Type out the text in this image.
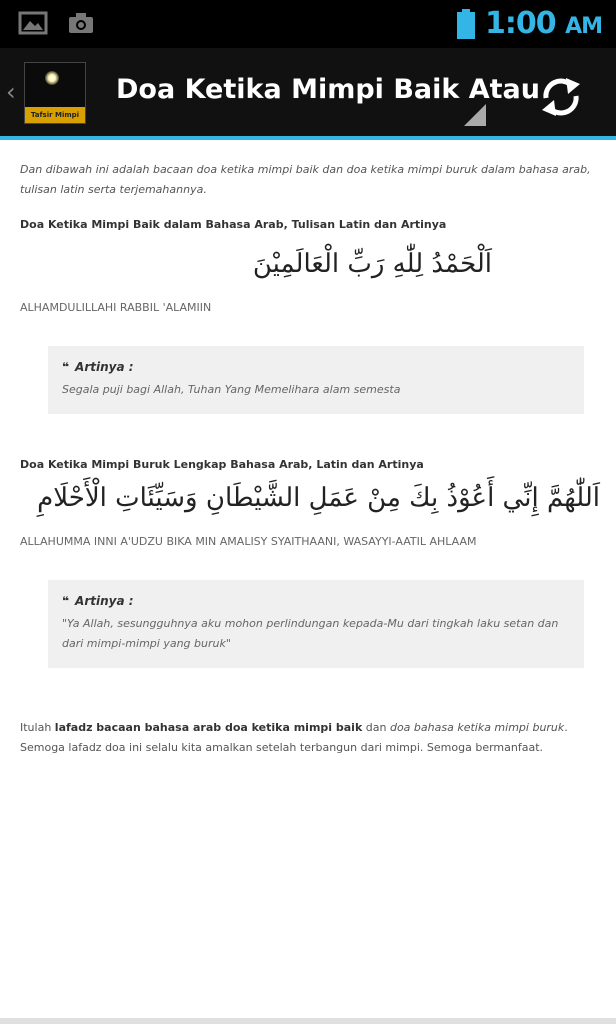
1:00 AM
‹
Tafsir Mimpi
Doa Ketika Mimpi Baik Atau

Dan dibawah ini adalah bacaan doa ketika mimpi baik dan doa ketika mimpi buruk dalam bahasa arab, tulisan latin serta terjemahannya.

Doa Ketika Mimpi Baik dalam Bahasa Arab, Tulisan Latin dan Artinya

اَلْحَمْدُ لِلّٰهِ رَبِّ الْعَالَمِيْنَ

ALHAMDULILLAHI RABBIL 'ALAMIIN

❝ Artinya :
Segala puji bagi Allah, Tuhan Yang Memelihara alam semesta

Doa Ketika Mimpi Buruk Lengkap Bahasa Arab, Latin dan Artinya

اَللّٰهُمَّ إِنِّي أَعُوْذُ بِكَ مِنْ عَمَلِ الشَّيْطَانِ وَسَيِّئَاتِ الْأَحْلَامِ

ALLAHUMMA INNI A'UDZU BIKA MIN AMALISY SYAITHAANI, WASAYYI-AATIL AHLAAM

❝ Artinya :
"Ya Allah, sesungguhnya aku mohon perlindungan kepada-Mu dari tingkah laku setan dan dari mimpi-mimpi yang buruk"

Itulah lafadz bacaan bahasa arab doa ketika mimpi baik dan doa bahasa ketika mimpi buruk. Semoga lafadz doa ini selalu kita amalkan setelah terbangun dari mimpi. Semoga bermanfaat.
